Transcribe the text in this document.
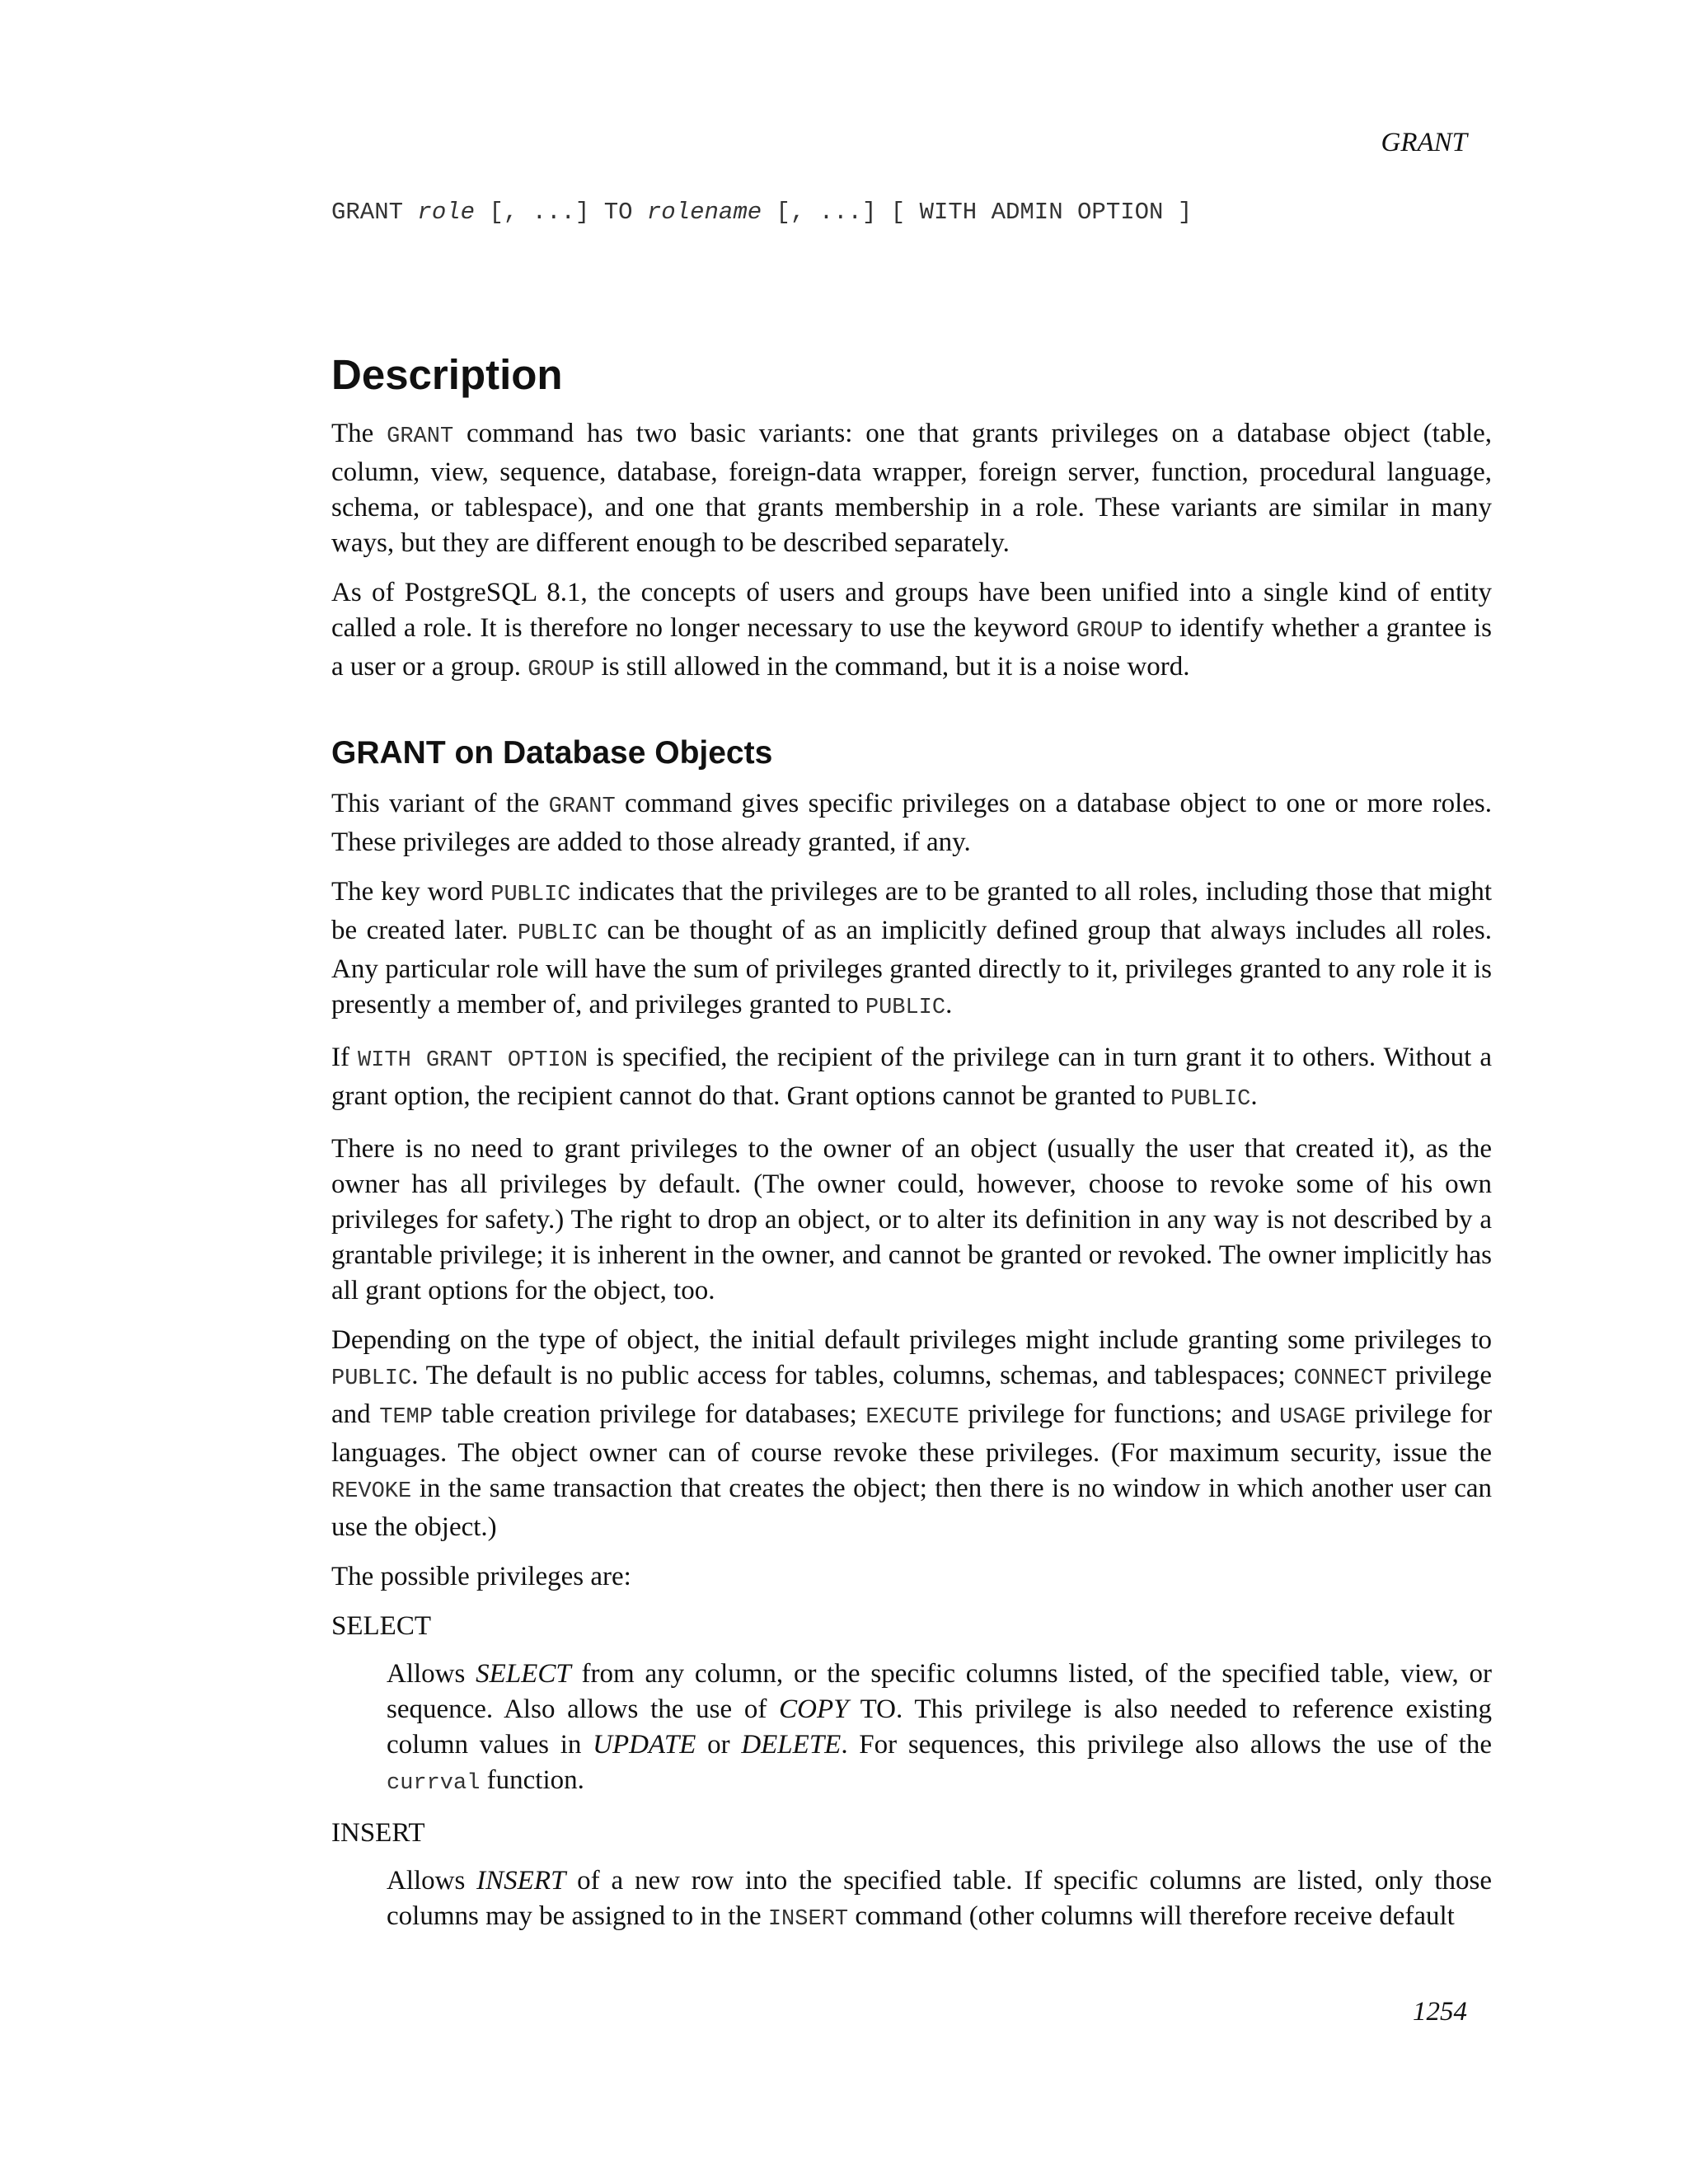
GRANT

GRANT role [, ...] TO rolename [, ...] [ WITH ADMIN OPTION ]

Description

The GRANT command has two basic variants: one that grants privileges on a database object (table, column, view, sequence, database, foreign-data wrapper, foreign server, function, procedural language, schema, or tablespace), and one that grants membership in a role. These variants are similar in many ways, but they are different enough to be described separately.

As of PostgreSQL 8.1, the concepts of users and groups have been unified into a single kind of entity called a role. It is therefore no longer necessary to use the keyword GROUP to identify whether a grantee is a user or a group. GROUP is still allowed in the command, but it is a noise word.

GRANT on Database Objects

This variant of the GRANT command gives specific privileges on a database object to one or more roles. These privileges are added to those already granted, if any.

The key word PUBLIC indicates that the privileges are to be granted to all roles, including those that might be created later. PUBLIC can be thought of as an implicitly defined group that always includes all roles. Any particular role will have the sum of privileges granted directly to it, privileges granted to any role it is presently a member of, and privileges granted to PUBLIC.

If WITH GRANT OPTION is specified, the recipient of the privilege can in turn grant it to others. Without a grant option, the recipient cannot do that. Grant options cannot be granted to PUBLIC.

There is no need to grant privileges to the owner of an object (usually the user that created it), as the owner has all privileges by default. (The owner could, however, choose to revoke some of his own privileges for safety.) The right to drop an object, or to alter its definition in any way is not described by a grantable privilege; it is inherent in the owner, and cannot be granted or revoked. The owner implicitly has all grant options for the object, too.

Depending on the type of object, the initial default privileges might include granting some privileges to PUBLIC. The default is no public access for tables, columns, schemas, and tablespaces; CONNECT privilege and TEMP table creation privilege for databases; EXECUTE privilege for functions; and USAGE privilege for languages. The object owner can of course revoke these privileges. (For maximum security, issue the REVOKE in the same transaction that creates the object; then there is no window in which another user can use the object.)

The possible privileges are:

SELECT

Allows SELECT from any column, or the specific columns listed, of the specified table, view, or sequence. Also allows the use of COPY TO. This privilege is also needed to reference existing column values in UPDATE or DELETE. For sequences, this privilege also allows the use of the currval function.

INSERT

Allows INSERT of a new row into the specified table. If specific columns are listed, only those columns may be assigned to in the INSERT command (other columns will therefore receive default

1254
